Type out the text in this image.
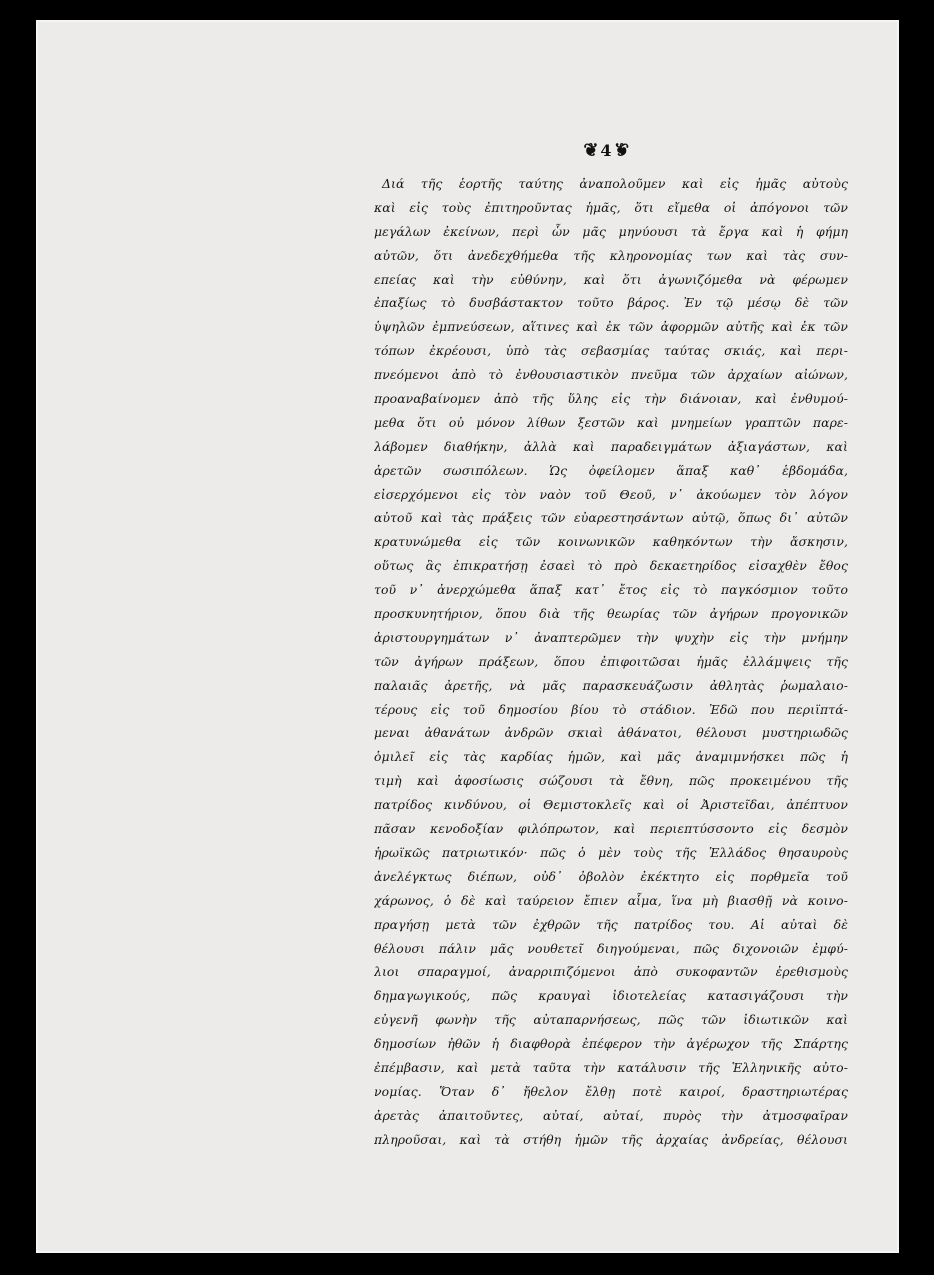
❦ 4 ❦
Διά τῆς ἑορτῆς ταύτης ἀναπολοῦμεν καὶ εἰς ἡμᾶς αὐτοὺς
καὶ εἰς τοὺς ἐπιτηροῦντας ἡμᾶς, ὅτι εἴμεθα οἱ ἀπόγονοι τῶν
μεγάλων ἐκείνων, περὶ ὧν μᾶς μηνύουσι τὰ ἔργα καὶ ἡ φήμη
αὐτῶν, ὅτι ἀνεδεχθήμεθα τῆς κληρονομίας των καὶ τὰς συν-
επείας καὶ τὴν εὐθύνην, καὶ ὅτι ἀγωνιζόμεθα νὰ φέρωμεν
ἐπαξίως τὸ δυσβάστακτον τοῦτο βάρος. Ἐν τῷ μέσῳ δὲ τῶν
ὑψηλῶν ἐμπνεύσεων, αἵτινες καὶ ἐκ τῶν ἀφορμῶν αὐτῆς καὶ ἐκ τῶν
τόπων ἐκρέουσι, ὑπὸ τὰς σεβασμίας ταύτας σκιάς, καὶ περι-
πνεόμενοι ἀπὸ τὸ ἐνθουσιαστικὸν πνεῦμα τῶν ἀρχαίων αἰώνων,
προαναβαίνομεν ἀπὸ τῆς ὕλης εἰς τὴν διάνοιαν, καὶ ἐνθυμού-
μεθα ὅτι οὐ μόνον λίθων ξεστῶν καὶ μνημείων γραπτῶν παρε-
λάβομεν διαθήκην, ἀλλὰ καὶ παραδειγμάτων ἀξιαγάστων, καὶ
ἀρετῶν σωσιπόλεων. Ὡς ὀφείλομεν ἅπαξ καθ᾿ ἑβδομάδα,
εἰσερχόμενοι εἰς τὸν ναὸν τοῦ Θεοῦ, ν᾿ ἀκούωμεν τὸν λόγον
αὐτοῦ καὶ τὰς πράξεις τῶν εὐαρεστησάντων αὐτῷ, ὅπως δι᾿ αὐτῶν
κρατυνώμεθα εἰς τῶν κοινωνικῶν καθηκόντων τὴν ἄσκησιν,
οὕτως ἃς ἐπικρατήσῃ ἐσαεὶ τὸ πρὸ δεκαετηρίδος εἰσαχθὲν ἔθος
τοῦ ν᾿ ἀνερχώμεθα ἅπαξ κατ᾿ ἔτος εἰς τὸ παγκόσμιον τοῦτο
προσκυνητήριον, ὅπου διὰ τῆς θεωρίας τῶν ἀγήρων προγονικῶν
ἀριστουργημάτων ν᾿ ἀναπτερῶμεν τὴν ψυχὴν εἰς τὴν μνήμην
τῶν ἀγήρων πράξεων, ὅπου ἐπιφοιτῶσαι ἡμᾶς ἐλλάμψεις τῆς
παλαιᾶς ἀρετῆς, νὰ μᾶς παρασκευάζωσιν ἀθλητὰς ῥωμαλαιο-
τέρους εἰς τοῦ δημοσίου βίου τὸ στάδιον. Ἐδῶ που περιϊπτά-
μεναι ἀθανάτων ἀνδρῶν σκιαὶ ἀθάνατοι, θέλουσι μυστηριωδῶς
ὁμιλεῖ εἰς τὰς καρδίας ἡμῶν, καὶ μᾶς ἀναμιμνήσκει πῶς ἡ
τιμὴ καὶ ἀφοσίωσις σώζουσι τὰ ἔθνη, πῶς προκειμένου τῆς
πατρίδος κινδύνου, οἱ Θεμιστοκλεῖς καὶ οἱ Ἀριστεῖδαι, ἀπέπτυον
πᾶσαν κενοδοξίαν φιλόπρωτον, καὶ περιεπτύσσοντο εἰς δεσμὸν
ἡρωϊκῶς πατριωτικόν· πῶς ὁ μὲν τοὺς τῆς Ἑλλάδος θησαυροὺς
ἀνελέγκτως διέπων, οὐδ᾿ ὀβολὸν ἐκέκτητο εἰς πορθμεῖα τοῦ
χάρωνος, ὁ δὲ καὶ ταύρειον ἔπιεν αἷμα, ἵνα μὴ βιασθῇ νὰ κοινο-
πραγήσῃ μετὰ τῶν ἐχθρῶν τῆς πατρίδος του. Αἱ αὐταὶ δὲ
θέλουσι πάλιν μᾶς νουθετεῖ διηγούμεναι, πῶς διχονοιῶν ἐμφύ-
λιοι σπαραγμοί, ἀναρριπιζόμενοι ἀπὸ συκοφαντῶν ἐρεθισμοὺς
δημαγωγικούς, πῶς κραυγαὶ ἰδιοτελείας κατασιγάζουσι τὴν
εὐγενῆ φωνὴν τῆς αὐταπαρνήσεως, πῶς τῶν ἰδιωτικῶν καὶ
δημοσίων ἠθῶν ἡ διαφθορὰ ἐπέφερον τὴν ἀγέρωχον τῆς Σπάρτης
ἐπέμβασιν, καὶ μετὰ ταῦτα τὴν κατάλυσιν τῆς Ἑλληνικῆς αὐτο-
νομίας. Ὅταν δ᾿ ἤθελον ἔλθῃ ποτὲ καιροί, δραστηριωτέρας
ἀρετὰς ἀπαιτοῦντες, αὐταί, αὐταί, πυρὸς τὴν ἀτμοσφαῖραν
πληροῦσαι, καὶ τὰ στήθη ἡμῶν τῆς ἀρχαίας ἀνδρείας, θέλουσι
